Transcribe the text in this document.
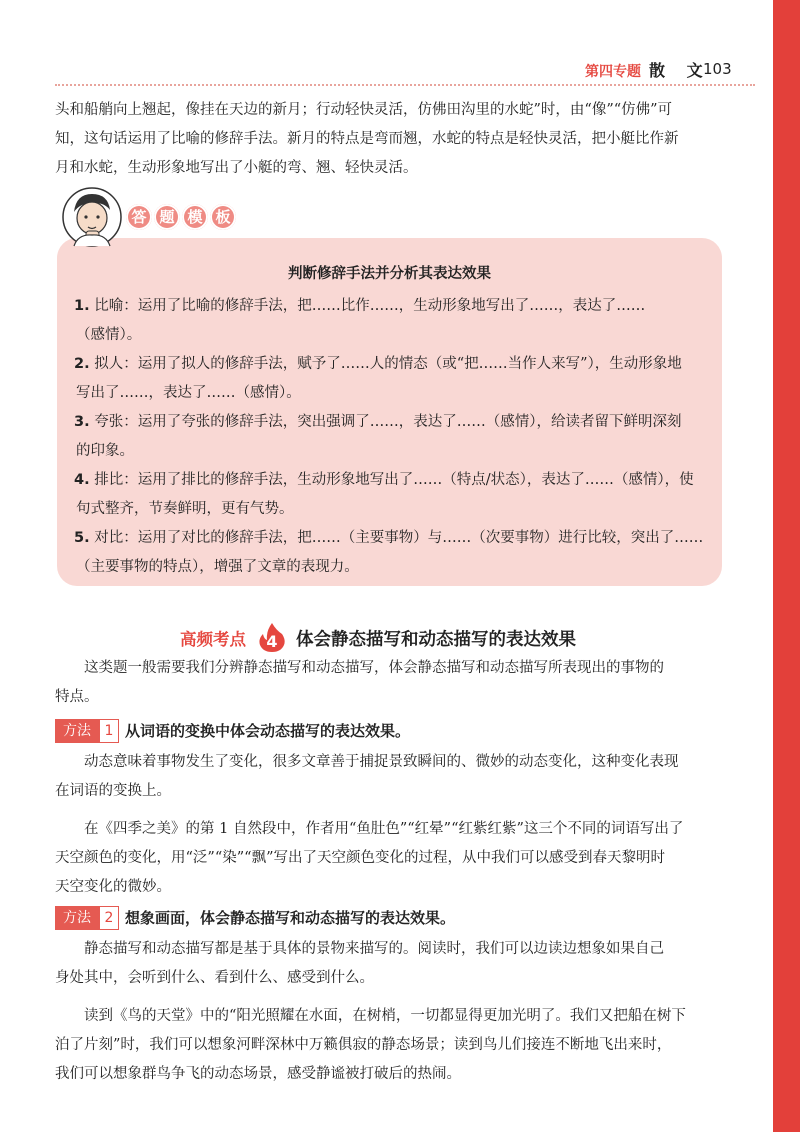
第四专题 散 文
103
头和船艄向上翘起，像挂在天边的新月；行动轻快灵活，仿佛田沟里的水蛇”时，由“像”“仿佛”可
知，这句话运用了比喻的修辞手法。新月的特点是弯而翘，水蛇的特点是轻快灵活，把小艇比作新
月和水蛇，生动形象地写出了小艇的弯、翘、轻快灵活。
判断修辞手法并分析其表达效果
1. 比喻：运用了比喻的修辞手法，把……比作……，生动形象地写出了……，表达了……
（感情）。
2. 拟人：运用了拟人的修辞手法，赋予了……人的情态（或“把……当作人来写”），生动形象地
写出了……，表达了……（感情）。
3. 夸张：运用了夸张的修辞手法，突出强调了……，表达了……（感情），给读者留下鲜明深刻
的印象。
4. 排比：运用了排比的修辞手法，生动形象地写出了……（特点/状态），表达了……（感情），使
句式整齐，节奏鲜明，更有气势。
5. 对比：运用了对比的修辞手法，把……（主要事物）与……（次要事物）进行比较，突出了……
（主要事物的特点），增强了文章的表现力。
答 题 模 板
高频考点 4 体会静态描写和动态描写的表达效果
这类题一般需要我们分辨静态描写和动态描写，体会静态描写和动态描写所表现出的事物的
特点。
方法 1 从词语的变换中体会动态描写的表达效果。
动态意味着事物发生了变化，很多文章善于捕捉景致瞬间的、微妙的动态变化，这种变化表现
在词语的变换上。
在《四季之美》的第 1 自然段中，作者用“鱼肚色”“红晕”“红紫红紫”这三个不同的词语写出了
天空颜色的变化，用“泛”“染”“飘”写出了天空颜色变化的过程，从中我们可以感受到春天黎明时
天空变化的微妙。
方法 2 想象画面，体会静态描写和动态描写的表达效果。
静态描写和动态描写都是基于具体的景物来描写的。阅读时，我们可以边读边想象如果自己
身处其中，会听到什么、看到什么、感受到什么。
读到《鸟的天堂》中的“阳光照耀在水面，在树梢，一切都显得更加光明了。我们又把船在树下
泊了片刻”时，我们可以想象河畔深林中万籁俱寂的静态场景；读到鸟儿们接连不断地飞出来时，
我们可以想象群鸟争飞的动态场景，感受静谧被打破后的热闹。
